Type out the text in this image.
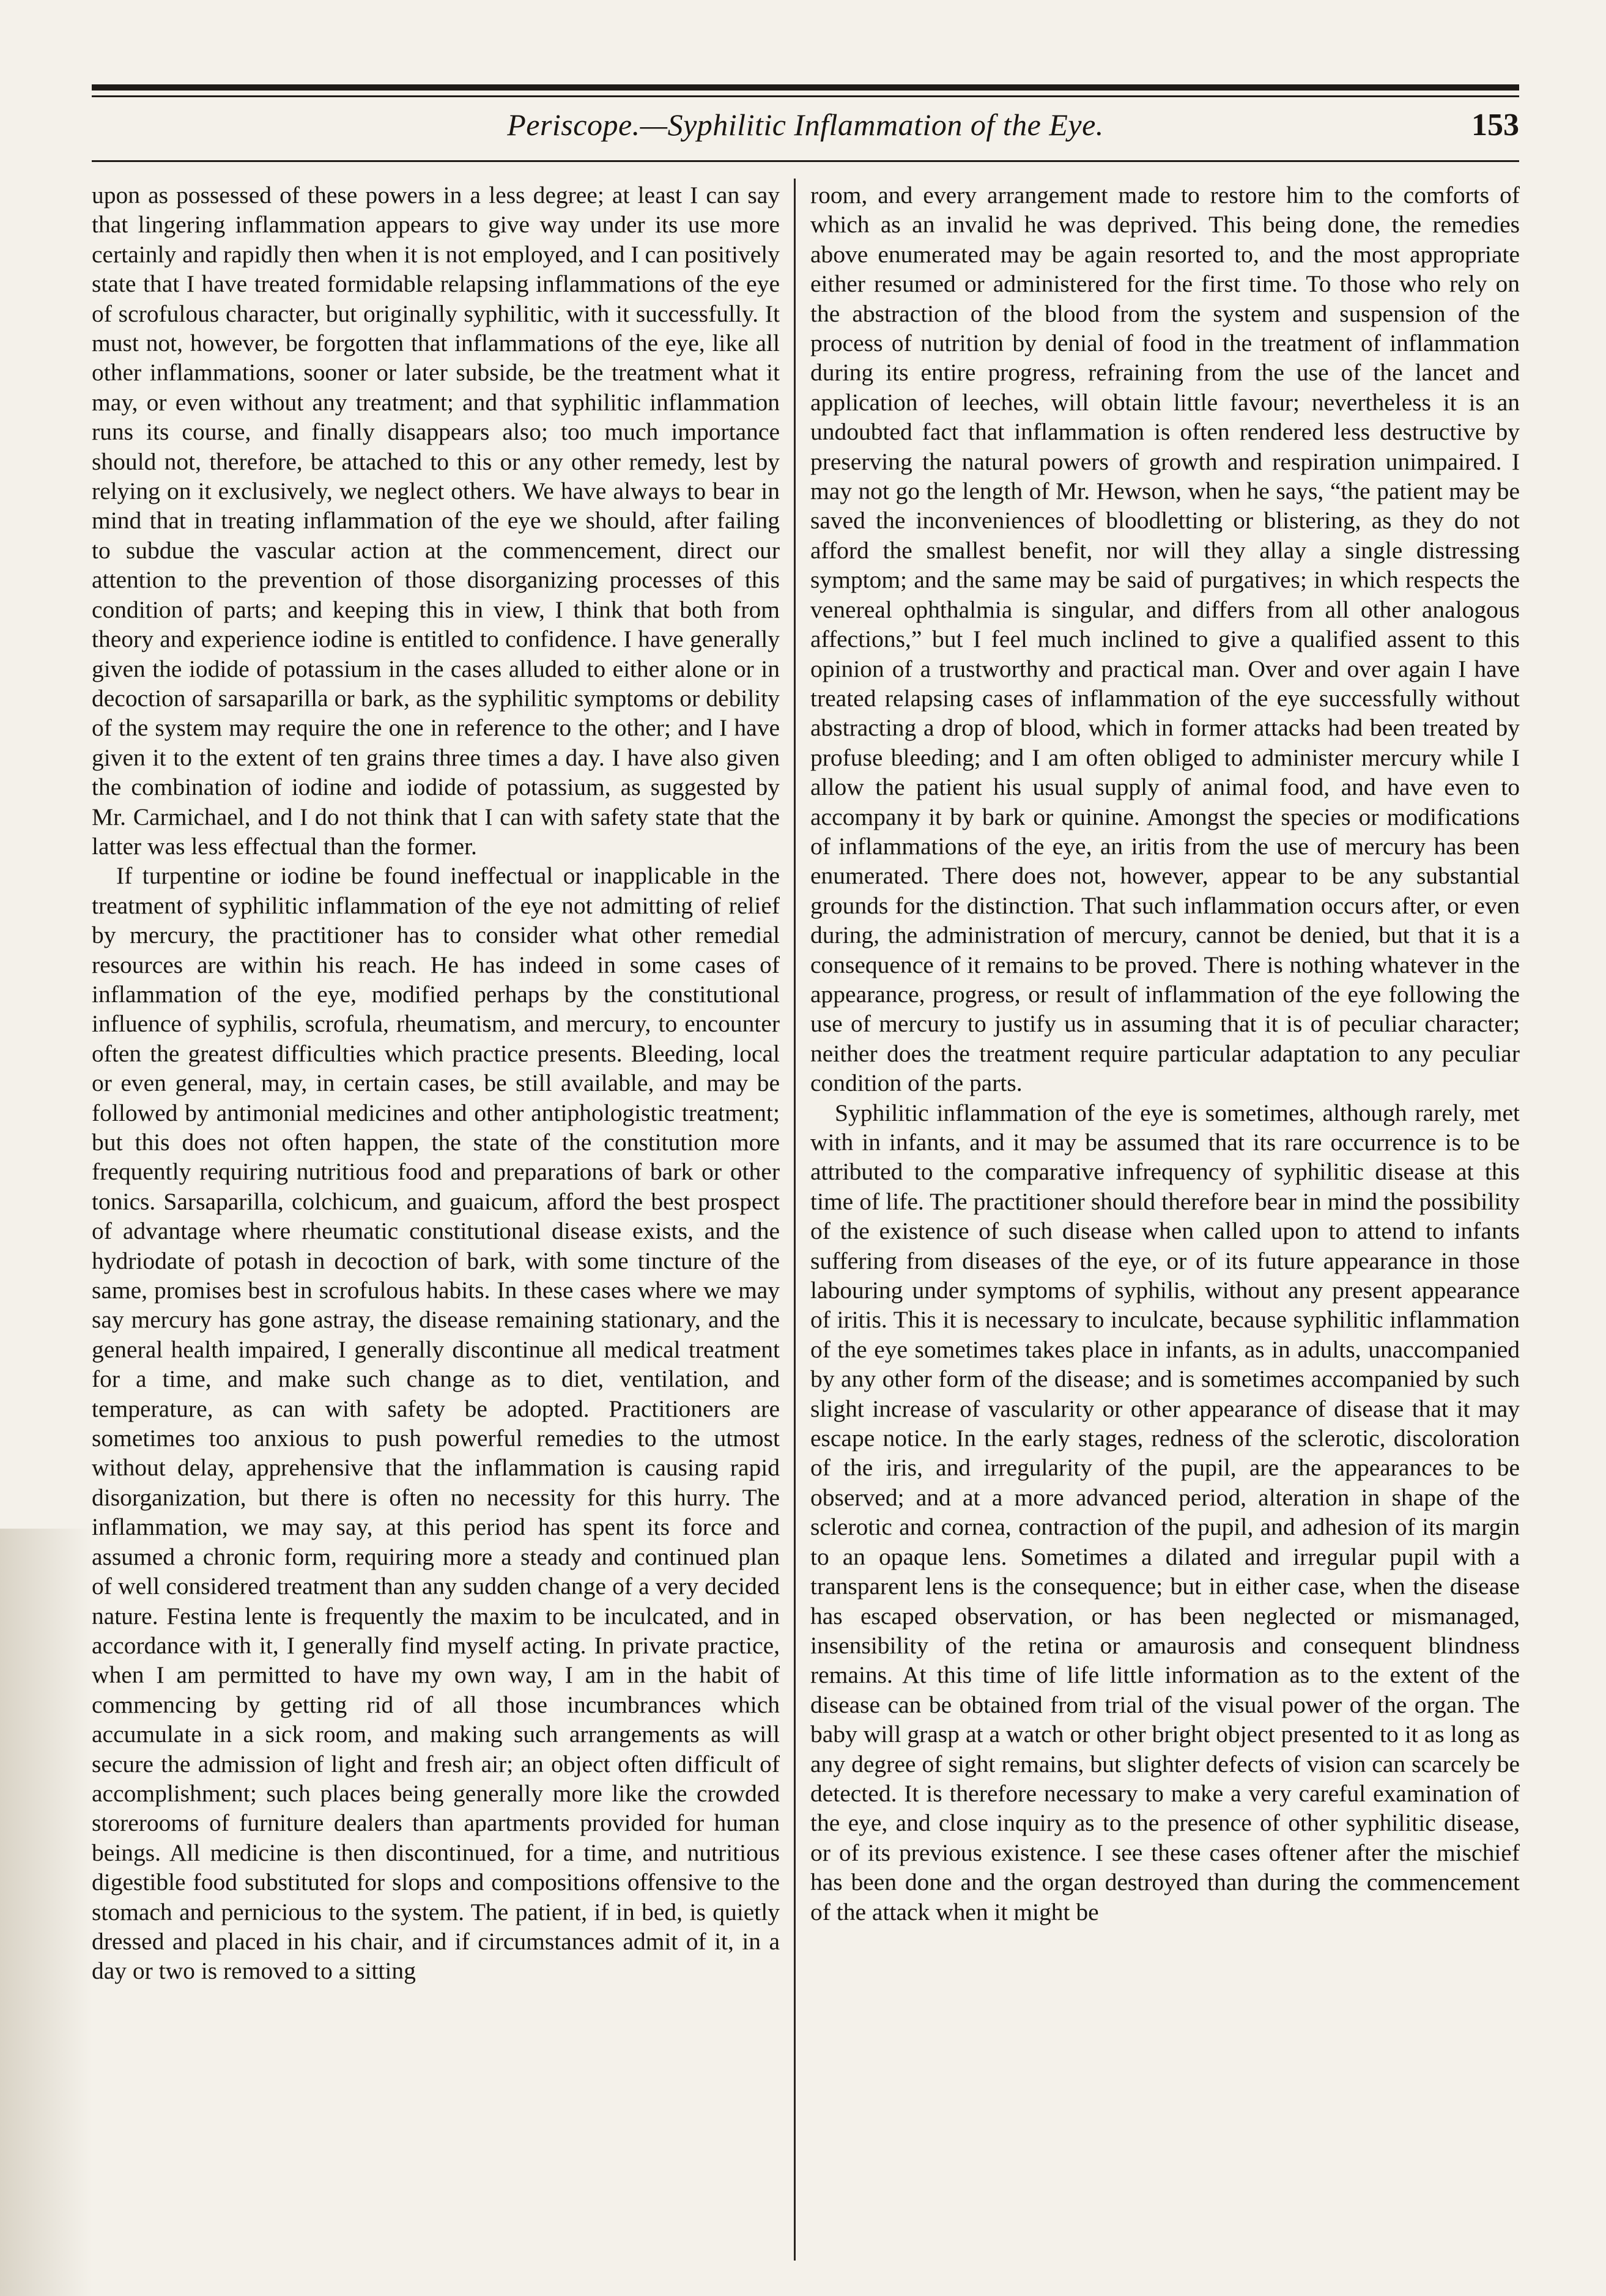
Periscope.—Syphilitic Inflammation of the Eye.	153

upon as possessed of these powers in a less degree; at least I can say that lingering inflammation appears to give way under its use more certainly and rapidly then when it is not employed, and I can positively state that I have treated formidable relapsing inflammations of the eye of scrofulous character, but originally syphilitic, with it successfully. It must not, however, be forgotten that inflammations of the eye, like all other inflammations, sooner or later subside, be the treatment what it may, or even without any treatment; and that syphilitic inflammation runs its course, and finally disappears also; too much importance should not, therefore, be attached to this or any other remedy, lest by relying on it exclusively, we neglect others. We have always to bear in mind that in treating inflammation of the eye we should, after failing to subdue the vascular action at the commencement, direct our attention to the prevention of those disorganizing processes of this condition of parts; and keeping this in view, I think that both from theory and experience iodine is entitled to confidence. I have generally given the iodide of potassium in the cases alluded to either alone or in decoction of sarsaparilla or bark, as the syphilitic symptoms or debility of the system may require the one in reference to the other; and I have given it to the extent of ten grains three times a day. I have also given the combination of iodine and iodide of potassium, as suggested by Mr. Carmichael, and I do not think that I can with safety state that the latter was less effectual than the former.

If turpentine or iodine be found ineffectual or inapplicable in the treatment of syphilitic inflammation of the eye not admitting of relief by mercury, the practitioner has to consider what other remedial resources are within his reach. He has indeed in some cases of inflammation of the eye, modified perhaps by the constitutional influence of syphilis, scrofula, rheumatism, and mercury, to encounter often the greatest difficulties which practice presents. Bleeding, local or even general, may, in certain cases, be still available, and may be followed by antimonial medicines and other antiphologistic treatment; but this does not often happen, the state of the constitution more frequently requiring nutritious food and preparations of bark or other tonics. Sarsaparilla, colchicum, and guaicum, afford the best prospect of advantage where rheumatic constitutional disease exists, and the hydriodate of potash in decoction of bark, with some tincture of the same, promises best in scrofulous habits. In these cases where we may say mercury has gone astray, the disease remaining stationary, and the general health impaired, I generally discontinue all medical treatment for a time, and make such change as to diet, ventilation, and temperature, as can with safety be adopted. Practitioners are sometimes too anxious to push powerful remedies to the utmost without delay, apprehensive that the inflammation is causing rapid disorganization, but there is often no necessity for this hurry. The inflammation, we may say, at this period has spent its force and assumed a chronic form, requiring more a steady and continued plan of well considered treatment than any sudden change of a very decided nature. Festina lente is frequently the maxim to be inculcated, and in accordance with it, I generally find myself acting. In private practice, when I am permitted to have my own way, I am in the habit of commencing by getting rid of all those incumbrances which accumulate in a sick room, and making such arrangements as will secure the admission of light and fresh air; an object often difficult of accomplishment; such places being generally more like the crowded storerooms of furniture dealers than apartments provided for human beings. All medicine is then discontinued, for a time, and nutritious digestible food substituted for slops and compositions offensive to the stomach and pernicious to the system. The patient, if in bed, is quietly dressed and placed in his chair, and if circumstances admit of it, in a day or two is removed to a sitting

room, and every arrangement made to restore him to the comforts of which as an invalid he was deprived. This being done, the remedies above enumerated may be again resorted to, and the most appropriate either resumed or administered for the first time. To those who rely on the abstraction of the blood from the system and suspension of the process of nutrition by denial of food in the treatment of inflammation during its entire progress, refraining from the use of the lancet and application of leeches, will obtain little favour; nevertheless it is an undoubted fact that inflammation is often rendered less destructive by preserving the natural powers of growth and respiration unimpaired. I may not go the length of Mr. Hewson, when he says, “the patient may be saved the inconveniences of bloodletting or blistering, as they do not afford the smallest benefit, nor will they allay a single distressing symptom; and the same may be said of purgatives; in which respects the venereal ophthalmia is singular, and differs from all other analogous affections,” but I feel much inclined to give a qualified assent to this opinion of a trustworthy and practical man. Over and over again I have treated relapsing cases of inflammation of the eye successfully without abstracting a drop of blood, which in former attacks had been treated by profuse bleeding; and I am often obliged to administer mercury while I allow the patient his usual supply of animal food, and have even to accompany it by bark or quinine. Amongst the species or modifications of inflammations of the eye, an iritis from the use of mercury has been enumerated. There does not, however, appear to be any substantial grounds for the distinction. That such inflammation occurs after, or even during, the administration of mercury, cannot be denied, but that it is a consequence of it remains to be proved. There is nothing whatever in the appearance, progress, or result of inflammation of the eye following the use of mercury to justify us in assuming that it is of peculiar character; neither does the treatment require particular adaptation to any peculiar condition of the parts.

Syphilitic inflammation of the eye is sometimes, although rarely, met with in infants, and it may be assumed that its rare occurrence is to be attributed to the comparative infrequency of syphilitic disease at this time of life. The practitioner should therefore bear in mind the possibility of the existence of such disease when called upon to attend to infants suffering from diseases of the eye, or of its future appearance in those labouring under symptoms of syphilis, without any present appearance of iritis. This it is necessary to inculcate, because syphilitic inflammation of the eye sometimes takes place in infants, as in adults, unaccompanied by any other form of the disease; and is sometimes accompanied by such slight increase of vascularity or other appearance of disease that it may escape notice. In the early stages, redness of the sclerotic, discoloration of the iris, and irregularity of the pupil, are the appearances to be observed; and at a more advanced period, alteration in shape of the sclerotic and cornea, contraction of the pupil, and adhesion of its margin to an opaque lens. Sometimes a dilated and irregular pupil with a transparent lens is the consequence; but in either case, when the disease has escaped observation, or has been neglected or mismanaged, insensibility of the retina or amaurosis and consequent blindness remains. At this time of life little information as to the extent of the disease can be obtained from trial of the visual power of the organ. The baby will grasp at a watch or other bright object presented to it as long as any degree of sight remains, but slighter defects of vision can scarcely be detected. It is therefore necessary to make a very careful examination of the eye, and close inquiry as to the presence of other syphilitic disease, or of its previous existence. I see these cases oftener after the mischief has been done and the organ destroyed than during the commencement of the attack when it might be
